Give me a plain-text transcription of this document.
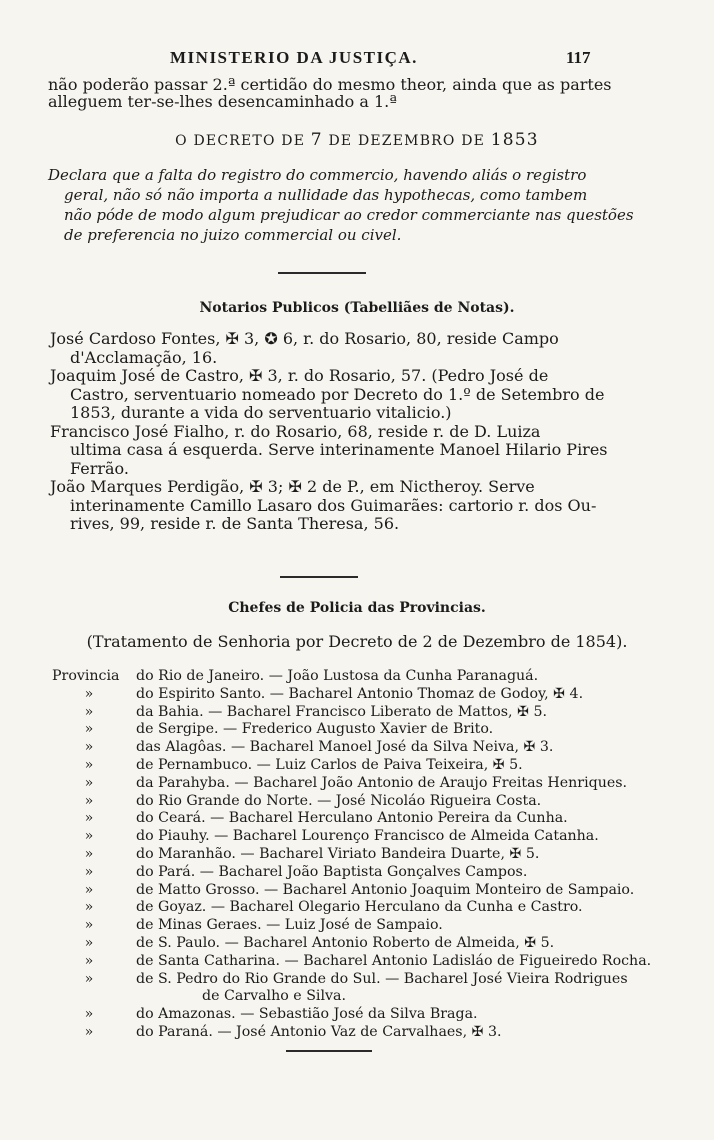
MINISTERIO DA JUSTIÇA.	117
não poderão passar 2.ª certidão do mesmo theor, ainda que as partes
alleguem ter-se-lhes desencaminhado a 1.ª
O DECRETO DE 7 DE DEZEMBRO DE 1853
Declara que a falta do registro do commercio, havendo aliás o registro
geral, não só não importa a nullidade das hypothecas, como tambem
não póde de modo algum prejudicar ao credor commerciante nas questões
de preferencia no juizo commercial ou civel.
Notarios Publicos (Tabelliães de Notas).
José Cardoso Fontes, ✠ 3, ✪ 6, r. do Rosario, 80, reside Campo
d'Acclamação, 16.
Joaquim José de Castro, ✠ 3, r. do Rosario, 57. (Pedro José de
Castro, serventuario nomeado por Decreto do 1.º de Setembro de
1853, durante a vida do serventuario vitalicio.)
Francisco José Fialho, r. do Rosario, 68, reside r. de D. Luiza
ultima casa á esquerda. Serve interinamente Manoel Hilario Pires
Ferrão.
João Marques Perdigão, ✠ 3; ✠ 2 de P., em Nictheroy. Serve
interinamente Camillo Lasaro dos Guimarães: cartorio r. dos Ou-
rives, 99, reside r. de Santa Theresa, 56.
Chefes de Policia das Provincias.
(Tratamento de Senhoria por Decreto de 2 de Dezembro de 1854).
Provincia	do Rio de Janeiro. — João Lustosa da Cunha Paranaguá.
»	do Espirito Santo. — Bacharel Antonio Thomaz de Godoy, ✠ 4.
»	da Bahia. — Bacharel Francisco Liberato de Mattos, ✠ 5.
»	de Sergipe. — Frederico Augusto Xavier de Brito.
»	das Alagôas. — Bacharel Manoel José da Silva Neiva, ✠ 3.
»	de Pernambuco. — Luiz Carlos de Paiva Teixeira, ✠ 5.
»	da Parahyba. — Bacharel João Antonio de Araujo Freitas Henriques.
»	do Rio Grande do Norte. — José Nicoláo Rigueira Costa.
»	do Ceará. — Bacharel Herculano Antonio Pereira da Cunha.
»	do Piauhy. — Bacharel Lourenço Francisco de Almeida Catanha.
»	do Maranhão. — Bacharel Viriato Bandeira Duarte, ✠ 5.
»	do Pará. — Bacharel João Baptista Gonçalves Campos.
»	de Matto Grosso. — Bacharel Antonio Joaquim Monteiro de Sampaio.
»	de Goyaz. — Bacharel Olegario Herculano da Cunha e Castro.
»	de Minas Geraes. — Luiz José de Sampaio.
»	de S. Paulo. — Bacharel Antonio Roberto de Almeida, ✠ 5.
»	de Santa Catharina. — Bacharel Antonio Ladisláo de Figueiredo Rocha.
»	de S. Pedro do Rio Grande do Sul. — Bacharel José Vieira Rodrigues
de Carvalho e Silva.
»	do Amazonas. — Sebastião José da Silva Braga.
»	do Paraná. — José Antonio Vaz de Carvalhaes, ✠ 3.
